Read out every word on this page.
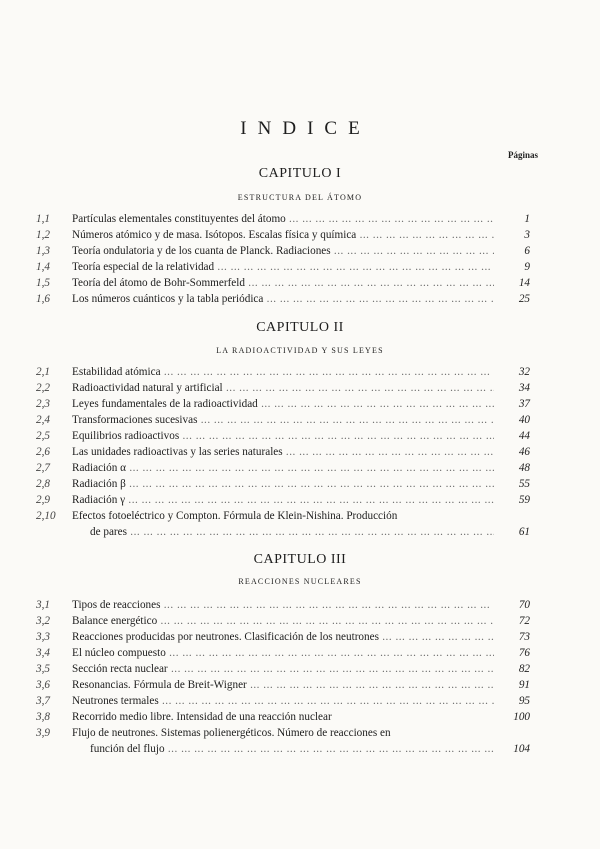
INDICE
Páginas
CAPITULO I
ESTRUCTURA DEL ÁTOMO
1,1	Partículas elementales constituyentes del átomo ... .	1
1,2	Números atómico y de masa. Isótopos. Escalas física y química ... .	3
1,3	Teoría ondulatoria y de los cuanta de Planck. Radiaciones ... .	6
1,4	Teoría especial de la relatividad ... .	9
1,5	Teoría del átomo de Bohr-Sommerfeld ... .	14
1,6	Los números cuánticos y la tabla periódica ... .	25
CAPITULO II
LA RADIOACTIVIDAD Y SUS LEYES
2,1	Estabilidad atómica ... .	32
2,2	Radioactividad natural y artificial ... .	34
2,3	Leyes fundamentales de la radioactividad ... .	37
2,4	Transformaciones sucesivas ... .	40
2,5	Equilibrios radioactivos ... .	44
2,6	Las unidades radioactivas y las series naturales ... .	46
2,7	Radiación α ... .	48
2,8	Radiación β ... .	55
2,9	Radiación γ ... .	59
2,10	Efectos fotoeléctrico y Compton. Fórmula de Klein-Nishina. Producción
de pares ... .	61
CAPITULO III
REACCIONES NUCLEARES
3,1	Tipos de reacciones ... .	70
3,2	Balance energético ... .	72
3,3	Reacciones producidas por neutrones. Clasificación de los neutrones ... .	73
3,4	El núcleo compuesto ... .	76
3,5	Sección recta nuclear ... .	82
3,6	Resonancias. Fórmula de Breit-Wigner ... .	91
3,7	Neutrones termales ... .	95
3,8	Recorrido medio libre. Intensidad de una reacción nuclear	100
3,9	Flujo de neutrones. Sistemas polienergéticos. Número de reacciones en
función del flujo ... .	104
